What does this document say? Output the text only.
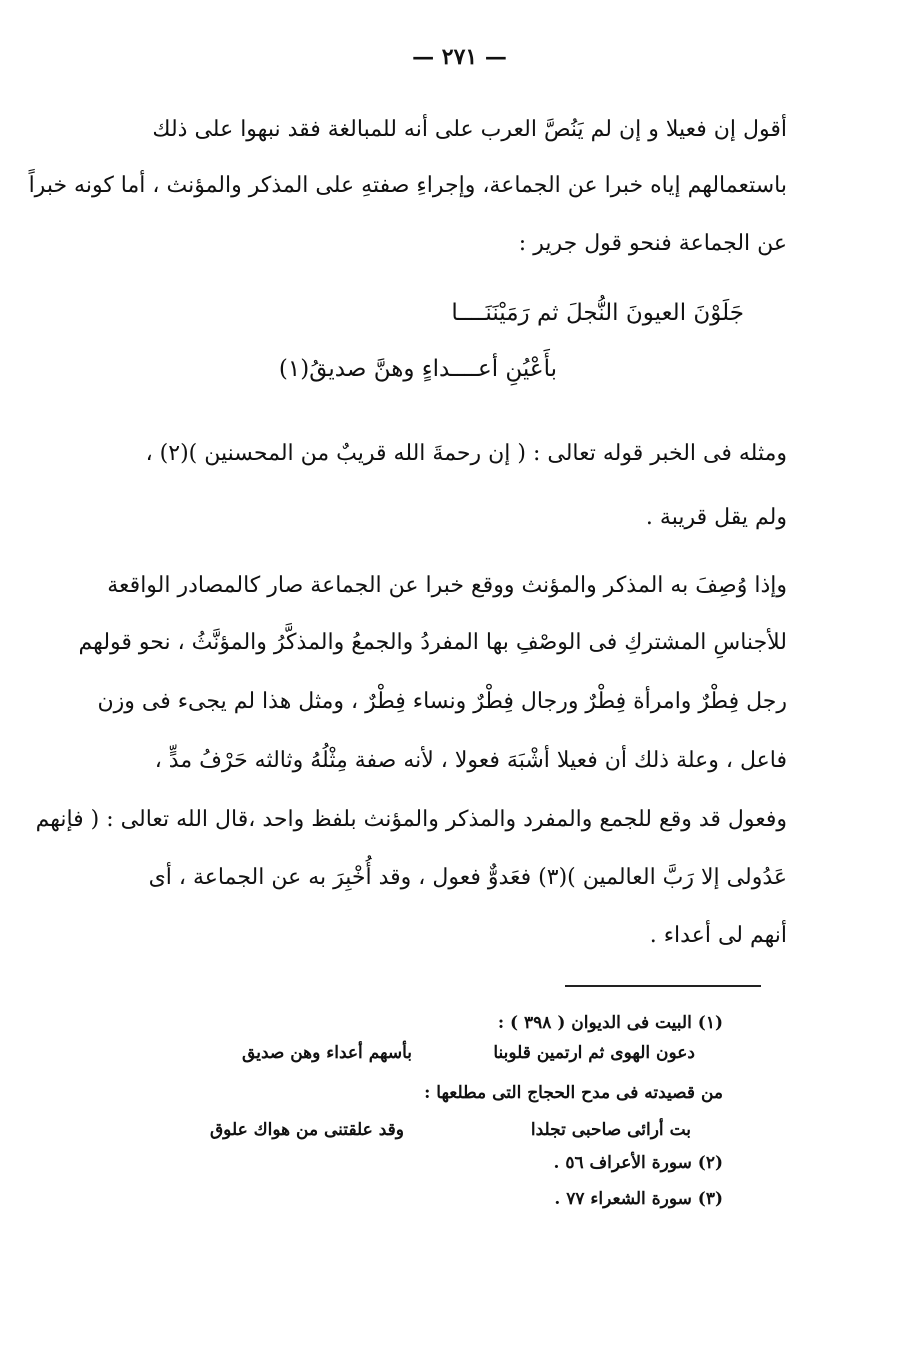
— ٢٧١ —
أقول إن فعيلا و إن لم يَنُصَّ العرب على أنه للمبالغة فقد نبهوا على ذلك
باستعمالهم إياه خبرا عن الجماعة، وإجراءِ صفتهِ على المذكر والمؤنث ، أما كونه خبراً
عن الجماعة فنحو قول جرير :
جَلَوْنَ العيونَ النُّجلَ ثم رَمَيْنَنَــــا
بأَعْيُنِ أعــــداءٍ وهنَّ صديقُ(١)
ومثله فى الخبر قوله تعالى : ( إن رحمةَ الله قريبٌ من المحسنين )(٢) ،
ولم يقل قريبة .
وإذا وُصِفَ به المذكر والمؤنث ووقع خبرا عن الجماعة صار كالمصادر الواقعة
للأجناسِ المشتركِ فى الوصْفِ بها المفردُ والجمعُ والمذكَّرُ والمؤنَّثُ ، نحو قولهم
رجل فِطْرٌ وامرأة فِطْرٌ ورجال فِطْرٌ ونساء فِطْرٌ ، ومثل هذا لم يجىء فى وزن
فاعل ، وعلة ذلك أن فعيلا أشْبَهَ فعولا ، لأنه صفة مِثْلُهُ وثالثه حَرْفُ مدٍّ ،
وفعول قد وقع للجمع والمفرد والمذكر والمؤنث بلفظ واحد ،قال الله تعالى : ( فإنهم
عَدُولى إلا رَبَّ العالمين )(٣) فعَدوٌّ فعول ، وقد أُخْبِرَ به عن الجماعة ، أى
أنهم لى أعداء .
(١) البيت فى الديوان ( ٣٩٨ ) :
دعون الهوى ثم ارتمين قلوبنا
بأسهم أعداء وهن صديق
من قصيدته فى مدح الحجاج التى مطلعها :
بت أرائى صاحبى تجلدا
وقد علقتنى من هواك علوق
(٢) سورة الأعراف ٥٦ .
(٣) سورة الشعراء ٧٧ .
